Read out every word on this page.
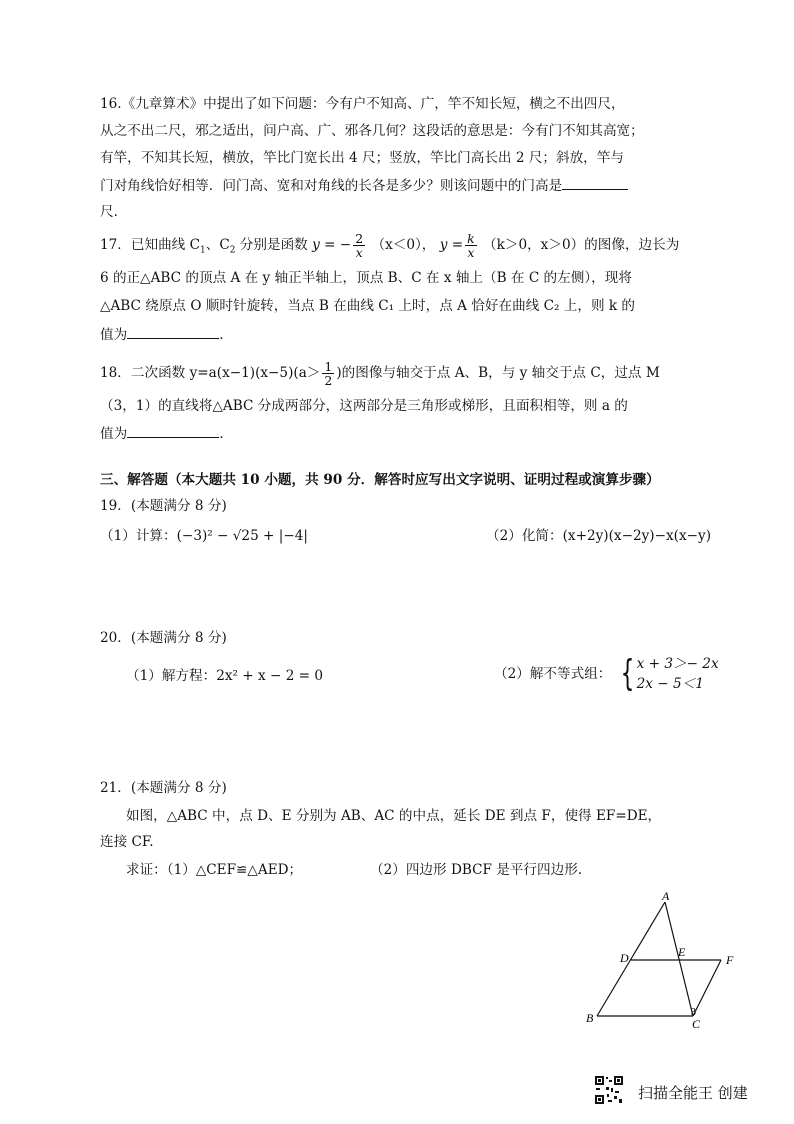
16.《九章算术》中提出了如下问题：今有户不知高、广，竿不知长短，横之不出四尺，
从之不出二尺，邪之适出，问户高、广、邪各几何？这段话的意思是：今有门不知其高宽；
有竿，不知其长短，横放，竿比门宽长出 4 尺；竖放，竿比门高长出 2 尺；斜放，竿与
门对角线恰好相等．问门高、宽和对角线的长各是多少？则该问题中的门高是
尺.
17．已知曲线 $C_1$、$C_2$ 分别是函数 y = − $\frac{2}{x} (x<0)$， $y = \frac{k}{x} (k>0$，x＞0）的图像，边长为
6 的正△ABC 的顶点 A 在 y 轴正半轴上，顶点 B、C 在 x 轴上（B 在 C 的左侧），现将
△ABC 绕原点 O 顺时针旋转，当点 B 在曲线 C₁ 上时，点 A 恰好在曲线 C₂ 上，则 k 的
值为	.
18．二次函数 $y=a(x-1)(x-5)(a> \frac{1}{2}$ )的图像与轴交于点 A、B，与 y 轴交于点 C，过点 M
（3，1）的直线将△ABC 分成两部分，这两部分是三角形或梯形，且面积相等，则 a 的
值为	.
三、解答题（本大题共 10 小题，共 90 分．解答时应写出文字说明、证明过程或演算步骤）
19．(本题满分 8 分)
（1）计算：(−3)² − √25 + |−4|	（2）化简：(x+2y)(x−2y)−x(x−y)
20．(本题满分 8 分)
（1）解方程：2x² + x − 2 = 0	（2）解不等式组： { x + 3＞− 2x
2x − 5＜1
21．(本题满分 8 分)
如图，△ABC 中，点 D、E 分别为 AB、AC 的中点，延长 DE 到点 F，使得 EF=DE，
连接 CF.
求证：（1）△CEF≌△AED；	（2）四边形 DBCF 是平行四边形.
A
B	C
D	E
F
3
扫描全能王 创建
